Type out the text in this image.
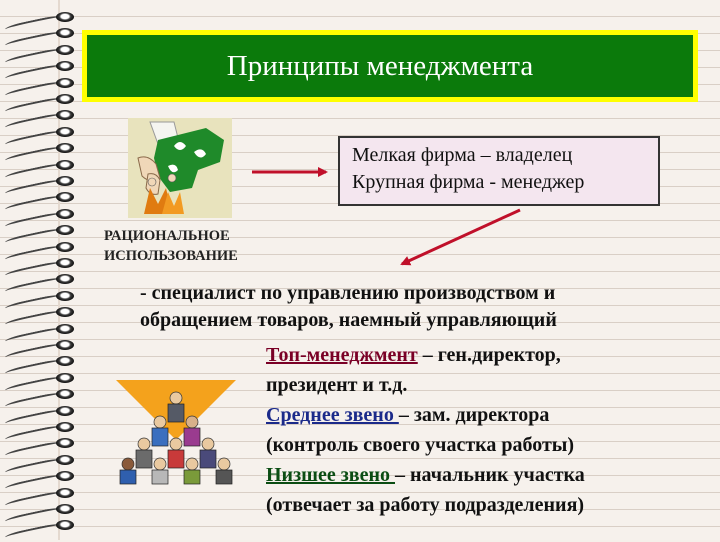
Принципы менеджмента
Мелкая фирма – владелец
Крупная фирма - менеджер
РАЦИОНАЛЬНОЕ
ИСПОЛЬЗОВАНИЕ
- специалист по управлению производством и
обращением товаров, наемный управляющий
Топ-менеджмент – ген.директор,
президент и т.д.
Среднее звено – зам. директора
(контроль своего участка работы)
Низшее звено – начальник участка
(отвечает за работу подразделения)
